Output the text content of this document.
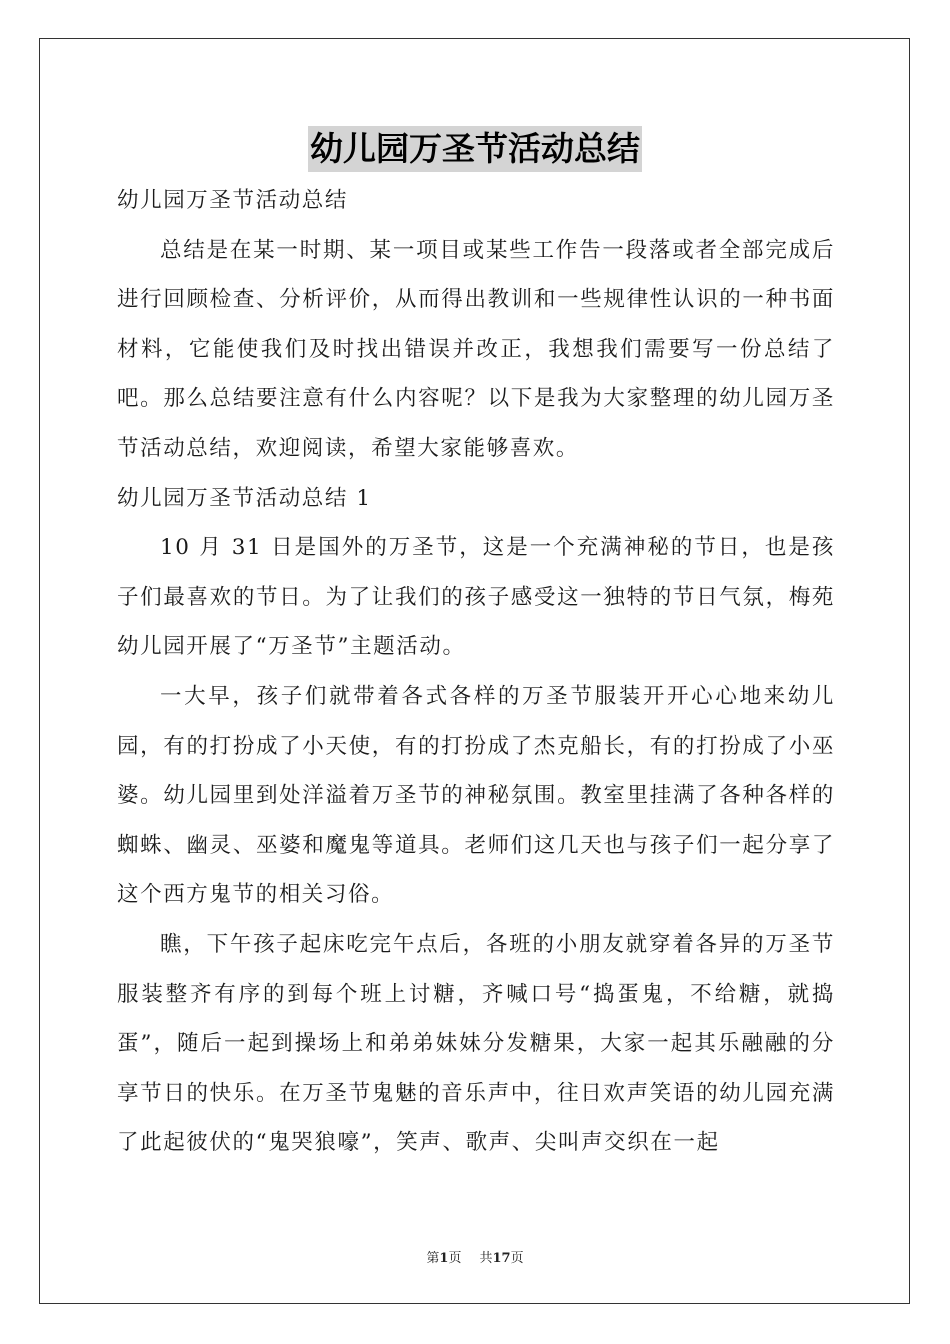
幼儿园万圣节活动总结

幼儿园万圣节活动总结

总结是在某一时期、某一项目或某些工作告一段落或者全部完成后进行回顾检查、分析评价，从而得出教训和一些规律性认识的一种书面材料，它能使我们及时找出错误并改正，我想我们需要写一份总结了吧。那么总结要注意有什么内容呢？以下是我为大家整理的幼儿园万圣节活动总结，欢迎阅读，希望大家能够喜欢。

幼儿园万圣节活动总结 1

10 月 31 日是国外的万圣节，这是一个充满神秘的节日，也是孩子们最喜欢的节日。为了让我们的孩子感受这一独特的节日气氛，梅苑幼儿园开展了“万圣节”主题活动。

一大早，孩子们就带着各式各样的万圣节服装开开心心地来幼儿园，有的打扮成了小天使，有的打扮成了杰克船长，有的打扮成了小巫婆。幼儿园里到处洋溢着万圣节的神秘氛围。教室里挂满了各种各样的蜘蛛、幽灵、巫婆和魔鬼等道具。老师们这几天也与孩子们一起分享了这个西方鬼节的相关习俗。

瞧，下午孩子起床吃完午点后，各班的小朋友就穿着各异的万圣节服装整齐有序的到每个班上讨糖，齐喊口号“捣蛋鬼，不给糖，就捣蛋”，随后一起到操场上和弟弟妹妹分发糖果，大家一起其乐融融的分享节日的快乐。在万圣节鬼魅的音乐声中，往日欢声笑语的幼儿园充满了此起彼伏的“鬼哭狼嚎”，笑声、歌声、尖叫声交织在一起

第1页 共17页
